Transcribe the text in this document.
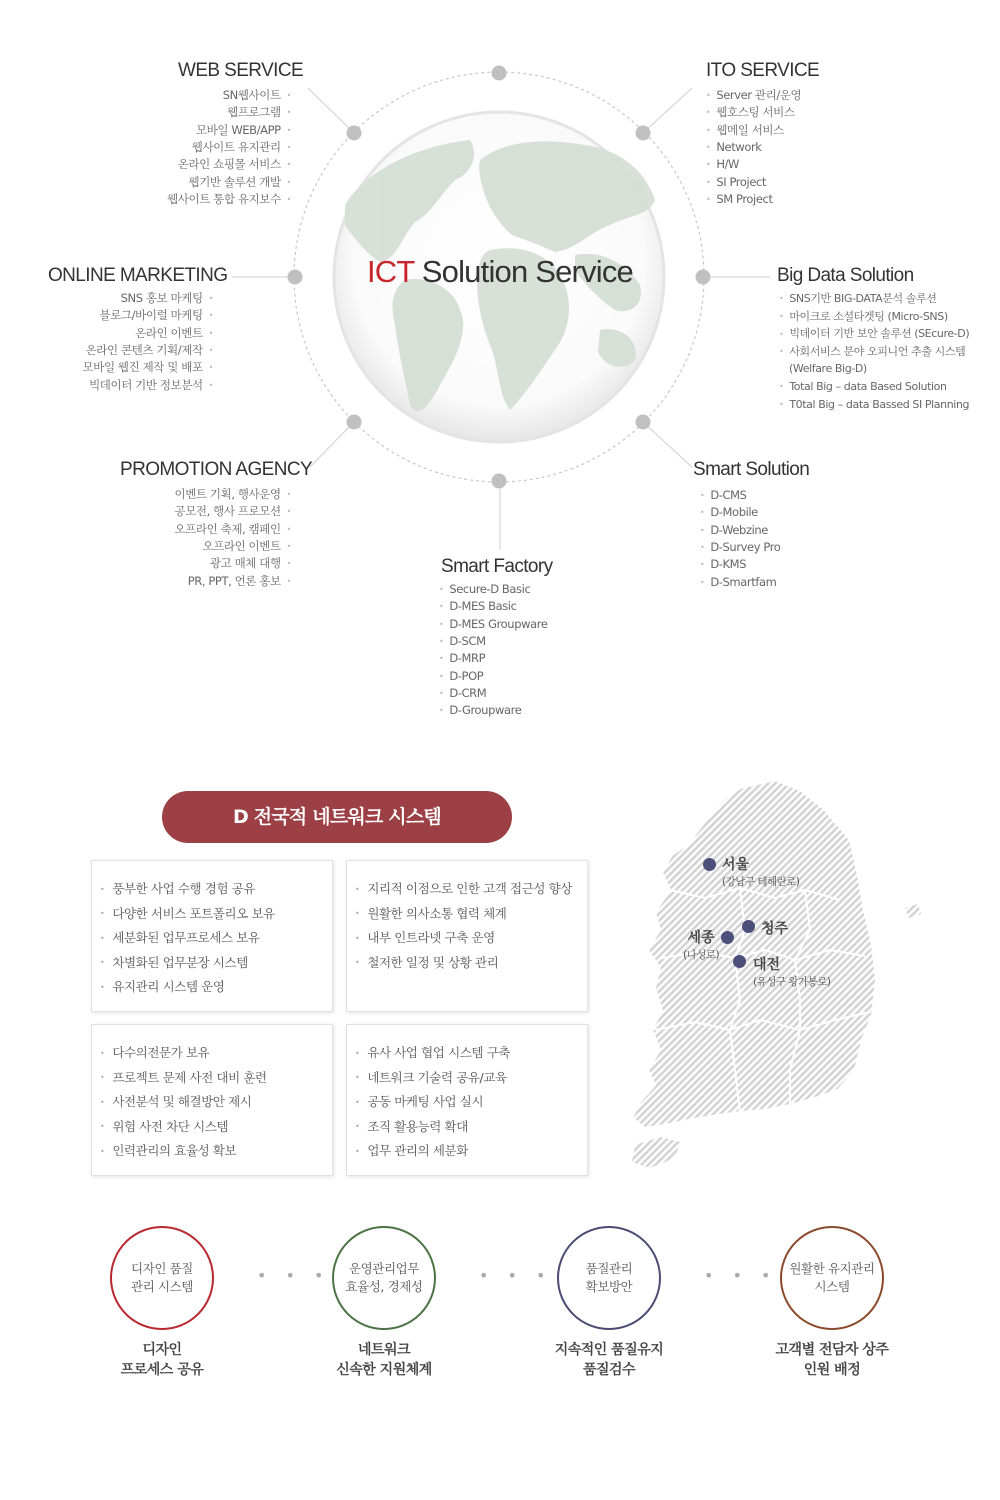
ICT Solution Service
WEB SERVICE
SN웹사이트 •
웹프로그램 •
모바일 WEB/APP •
웹사이트 유지관리 •
온라인 쇼핑몰 서비스 •
웹기반 솔루션 개발 •
웹사이트 통합 유지보수 •
ITO SERVICE
• Server 관리/운영
• 웹호스팅 서비스
• 웹메일 서비스
• Network
• H/W
• SI Project
• SM Project
ONLINE MARKETING
SNS 홍보 마케팅 •
블로그/바이럴 마케팅 •
온라인 이벤트 •
온라인 콘텐츠 기획/제작 •
모바일 웹진 제작 및 배포 •
빅데이터 기반 정보분석 •
Big Data Solution
• SNS기반 BIG-DATA분석 솔루션
• 마이크로 소셜타겟팅 (Micro-SNS)
• 빅데이터 기반 보안 솔루션 (SEcure-D)
• 사회서비스 분야 오피니언 추출 시스템
(Welfare Big-D)
• Total Big – data Based Solution
• T0tal Big – data Bassed SI Planning
PROMOTION AGENCY
이벤트 기획, 행사운영 •
공모전, 행사 프로모션 •
오프라인 축제, 캠페인 •
오프라인 이벤트 •
광고 매체 대행 •
PR, PPT, 언론 홍보 •
Smart Solution
• D-CMS
• D-Mobile
• D-Webzine
• D-Survey Pro
• D-KMS
• D-Smartfam
Smart Factory
• Secure-D Basic
• D-MES Basic
• D-MES Groupware
• D-SCM
• D-MRP
• D-POP
• D-CRM
• D-Groupware
D 전국적 네트워크 시스템
• 풍부한 사업 수행 경험 공유
• 다양한 서비스 포트폴리오 보유
• 세분화된 업무프로세스 보유
• 차별화된 업무분장 시스템
• 유지관리 시스템 운영
• 지리적 이점으로 인한 고객 접근성 향상
• 원활한 의사소통 협력 체계
• 내부 인트라넷 구축 운영
• 철저한 일정 및 상황 관리
• 다수의전문가 보유
• 프로젝트 문제 사전 대비 훈련
• 사전분석 및 해결방안 제시
• 위험 사전 차단 시스템
• 인력관리의 효율성 확보
• 유사 사업 협업 시스템 구축
• 네트워크 기술력 공유/교육
• 공동 마케팅 사업 실시
• 조직 활용능력 확대
• 업무 관리의 세분화
서울
(강남구 테헤란로)
청주
세종
(나성로)
대전
(유성구 왕가봉로)
디자인 품질
관리 시스템
• • • 운영관리업무
효율성, 경제성
• • •	품질관리
확보방안
• • • 원활한 유지관리
시스템
디자인
프로세스 공유
네트워크
신속한 지원체계
지속적인 품질유지
품질검수
고객별 전담자 상주
인원 배정
